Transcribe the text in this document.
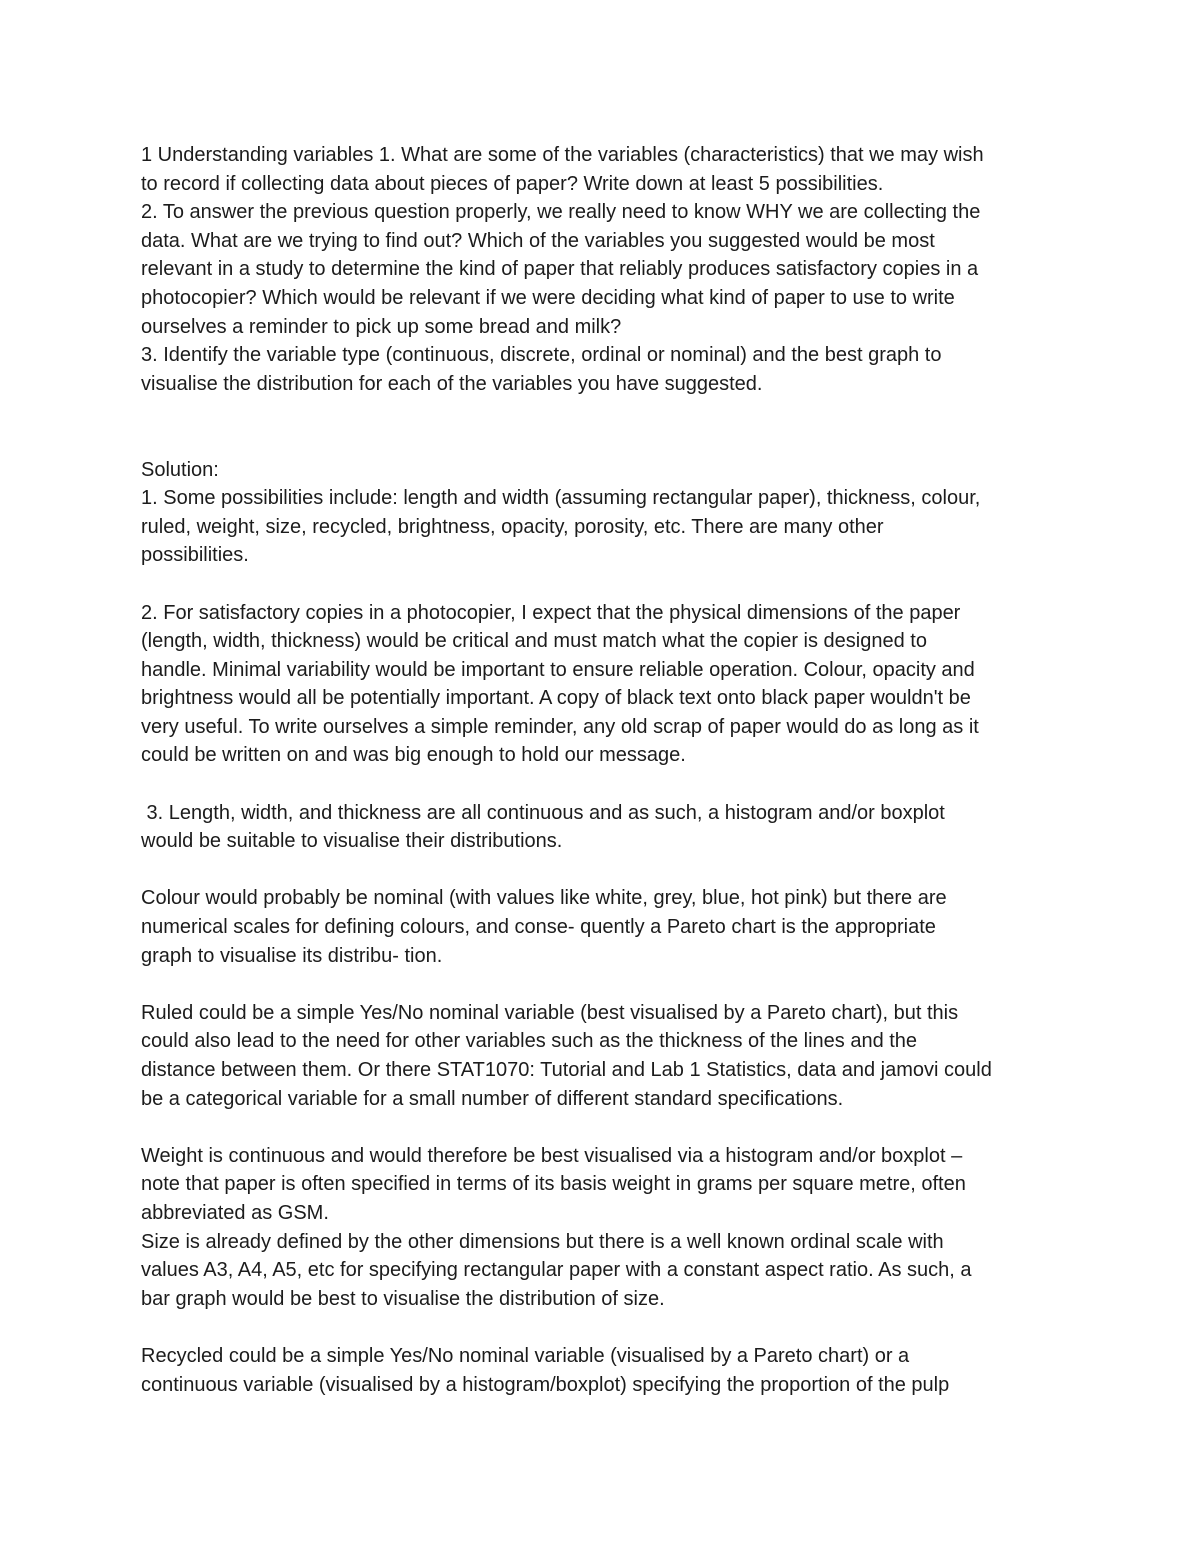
1 Understanding variables 1. What are some of the variables (characteristics) that we may wish
to record if collecting data about pieces of paper? Write down at least 5 possibilities.
2. To answer the previous question properly, we really need to know WHY we are collecting the
data. What are we trying to find out? Which of the variables you suggested would be most
relevant in a study to determine the kind of paper that reliably produces satisfactory copies in a
photocopier? Which would be relevant if we were deciding what kind of paper to use to write
ourselves a reminder to pick up some bread and milk?
3. Identify the variable type (continuous, discrete, ordinal or nominal) and the best graph to
visualise the distribution for each of the variables you have suggested.
Solution:
1. Some possibilities include: length and width (assuming rectangular paper), thickness, colour,
ruled, weight, size, recycled, brightness, opacity, porosity, etc. There are many other
possibilities.
2. For satisfactory copies in a photocopier, I expect that the physical dimensions of the paper
(length, width, thickness) would be critical and must match what the copier is designed to
handle. Minimal variability would be important to ensure reliable operation. Colour, opacity and
brightness would all be potentially important. A copy of black text onto black paper wouldn't be
very useful. To write ourselves a simple reminder, any old scrap of paper would do as long as it
could be written on and was big enough to hold our message.
3. Length, width, and thickness are all continuous and as such, a histogram and/or boxplot
would be suitable to visualise their distributions.
Colour would probably be nominal (with values like white, grey, blue, hot pink) but there are
numerical scales for defining colours, and conse- quently a Pareto chart is the appropriate
graph to visualise its distribu- tion.
Ruled could be a simple Yes/No nominal variable (best visualised by a Pareto chart), but this
could also lead to the need for other variables such as the thickness of the lines and the
distance between them. Or there STAT1070: Tutorial and Lab 1 Statistics, data and jamovi could
be a categorical variable for a small number of different standard specifications.
Weight is continuous and would therefore be best visualised via a histogram and/or boxplot –
note that paper is often specified in terms of its basis weight in grams per square metre, often
abbreviated as GSM.
Size is already defined by the other dimensions but there is a well known ordinal scale with
values A3, A4, A5, etc for specifying rectangular paper with a constant aspect ratio. As such, a
bar graph would be best to visualise the distribution of size.
Recycled could be a simple Yes/No nominal variable (visualised by a Pareto chart) or a
continuous variable (visualised by a histogram/boxplot) specifying the proportion of the pulp
